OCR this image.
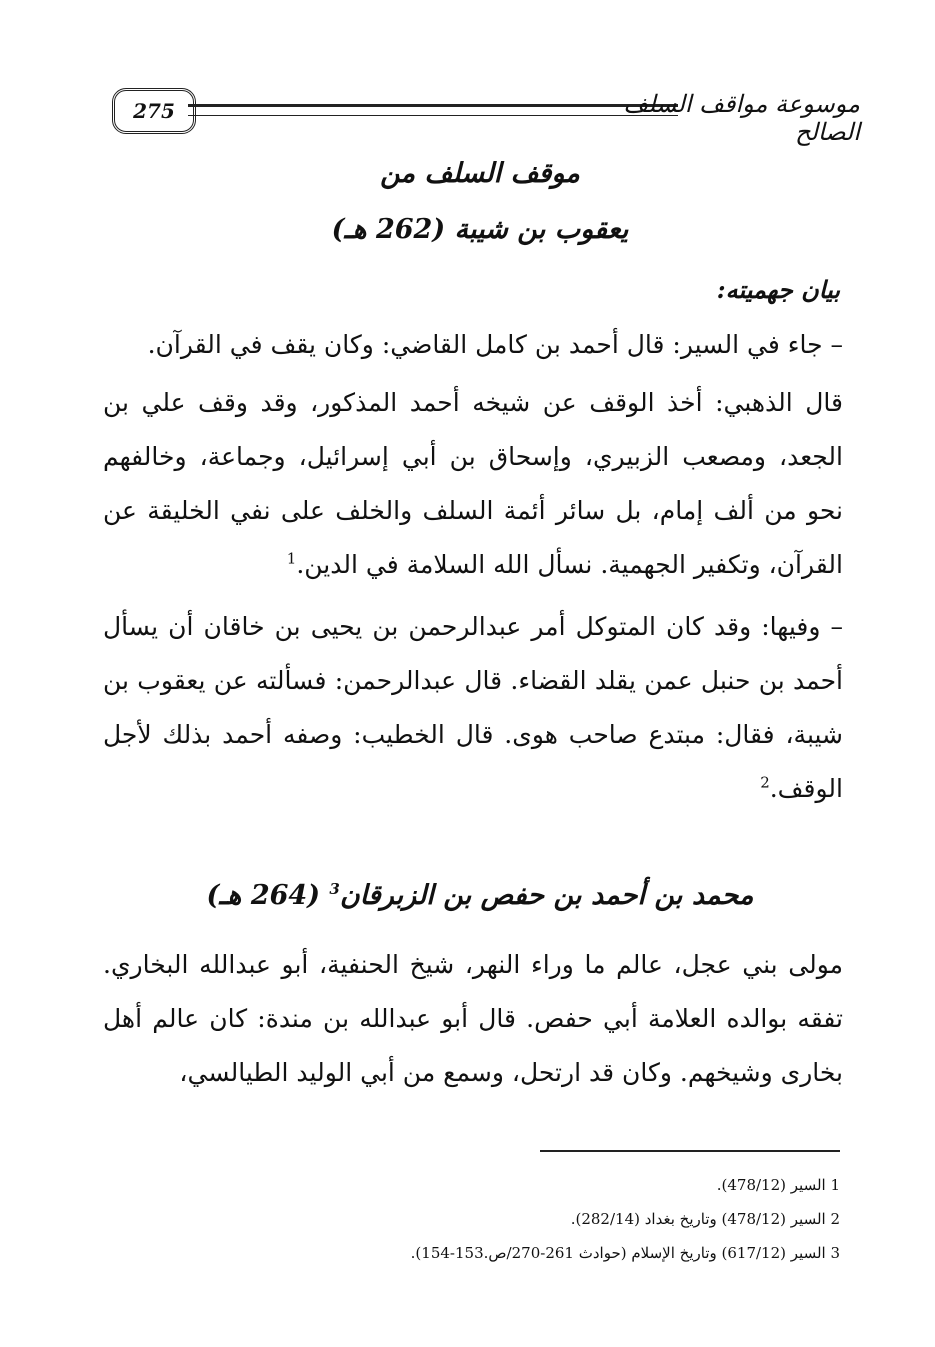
275	موسوعة مواقف السلف الصالح
موقف السلف من
يعقوب بن شيبة (262 هـ)
بيان جهميته:
– جاء في السير: قال أحمد بن كامل القاضي: وكان يقف في القرآن.
قال الذهبي: أخذ الوقف عن شيخه أحمد المذكور، وقد وقف علي بن الجعد، ومصعب الزبيري، وإسحاق بن أبي إسرائيل، وجماعة، وخالفهم نحو من ألف إمام، بل سائر أئمة السلف والخلف على نفي الخليقة عن القرآن، وتكفير الجهمية. نسأل الله السلامة في الدين.$^1$
– وفيها: وقد كان المتوكل أمر عبدالرحمن بن يحيى بن خاقان أن يسأل أحمد بن حنبل عمن يقلد القضاء. قال عبدالرحمن: فسألته عن يعقوب بن شيبة، فقال: مبتدع صاحب هوى. قال الخطيب: وصفه أحمد بذلك لأجل الوقف.$^2$
محمد بن أحمد بن حفص بن الزبرقان$^3$ (264 هـ)
مولى بني عجل، عالم ما وراء النهر، شيخ الحنفية، أبو عبدالله البخاري. تفقه بوالده العلامة أبي حفص. قال أبو عبدالله بن مندة: كان عالم أهل بخارى وشيخهم. وكان قد ارتحل، وسمع من أبي الوليد الطيالسي،
1 السير (478/12).
2 السير (478/12) وتاريخ بغداد (282/14).
3 السير (617/12) وتاريخ الإسلام (حوادث 261-270/ص.153-154).
